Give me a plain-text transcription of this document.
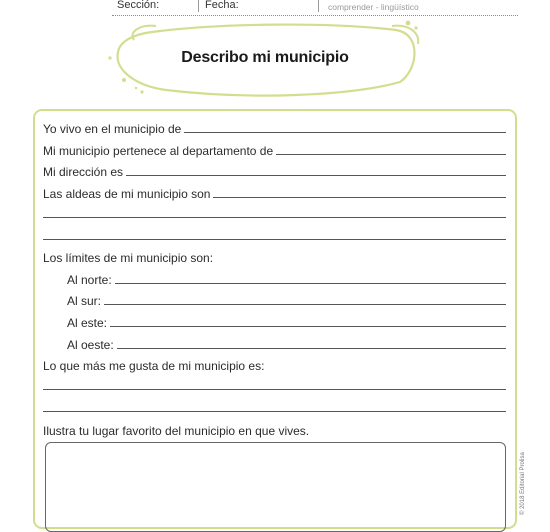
Sección:	Fecha:	comprender - lingüístico
Describo mi municipio
Yo vivo en el municipio de
Mi municipio pertenece al departamento de
Mi dirección es
Las aldeas de mi municipio son
Los límites de mi municipio son:
Al norte:
Al sur:
Al este:
Al oeste:
Lo que más me gusta de mi municipio es:
Ilustra tu lugar favorito del municipio en que vives.
© 2018 Editorial Prolisa
